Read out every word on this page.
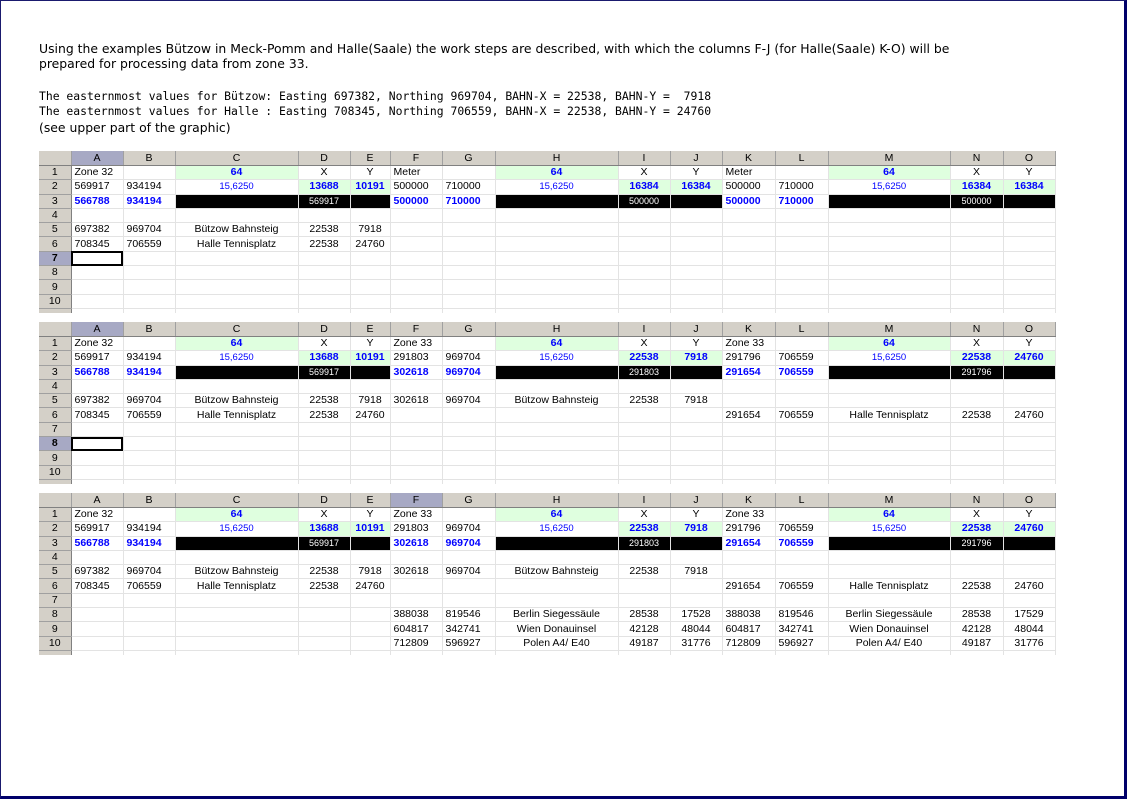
Using the examples Bützow in Meck-Pomm and Halle(Saale) the work steps are described, with which the columns F-J (for Halle(Saale) K-O) will be
prepared for processing data from zone 33.
The easternmost values for Bützow: Easting 697382, Northing 969704, BAHN-X = 22538, BAHN-Y =  7918
The easternmost values for Halle : Easting 708345, Northing 706559, BAHN-X = 22538, BAHN-Y = 24760
(see upper part of the graphic)
	A	B	C	D	E	F	G	H	I	J	K	L	M	N	O
1	Zone 32		64	X	Y	Meter		64	X	Y	Meter		64	X	Y
2	569917	934194	15,6250	13688	10191	500000	710000	15,6250	16384	16384	500000	710000	15,6250	16384	16384
3	566788	934194		569917		500000	710000		500000		500000	710000		500000	
4															
5	697382	969704	Bützow Bahnsteig	22538	7918										
6	708345	706559	Halle Tennisplatz	22538	24760										
7															
8															
9															
10															

	A	B	C	D	E	F	G	H	I	J	K	L	M	N	O
1	Zone 32		64	X	Y	Zone 33		64	X	Y	Zone 33		64	X	Y
2	569917	934194	15,6250	13688	10191	291803	969704	15,6250	22538	7918	291796	706559	15,6250	22538	24760
3	566788	934194		569917		302618	969704		291803		291654	706559		291796	
4															
5	697382	969704	Bützow Bahnsteig	22538	7918	302618	969704	Bützow Bahnsteig	22538	7918					
6	708345	706559	Halle Tennisplatz	22538	24760						291654	706559	Halle Tennisplatz	22538	24760
7															
8															
9															
10															

	A	B	C	D	E	F	G	H	I	J	K	L	M	N	O
1	Zone 32		64	X	Y	Zone 33		64	X	Y	Zone 33		64	X	Y
2	569917	934194	15,6250	13688	10191	291803	969704	15,6250	22538	7918	291796	706559	15,6250	22538	24760
3	566788	934194		569917		302618	969704		291803		291654	706559		291796	
4															
5	697382	969704	Bützow Bahnsteig	22538	7918	302618	969704	Bützow Bahnsteig	22538	7918					
6	708345	706559	Halle Tennisplatz	22538	24760						291654	706559	Halle Tennisplatz	22538	24760
7															
8						388038	819546	Berlin Siegessäule	28538	17528	388038	819546	Berlin Siegessäule	28538	17529
9						604817	342741	Wien Donauinsel	42128	48044	604817	342741	Wien Donauinsel	42128	48044
10						712809	596927	Polen A4/ E40	49187	31776	712809	596927	Polen A4/ E40	49187	31776
